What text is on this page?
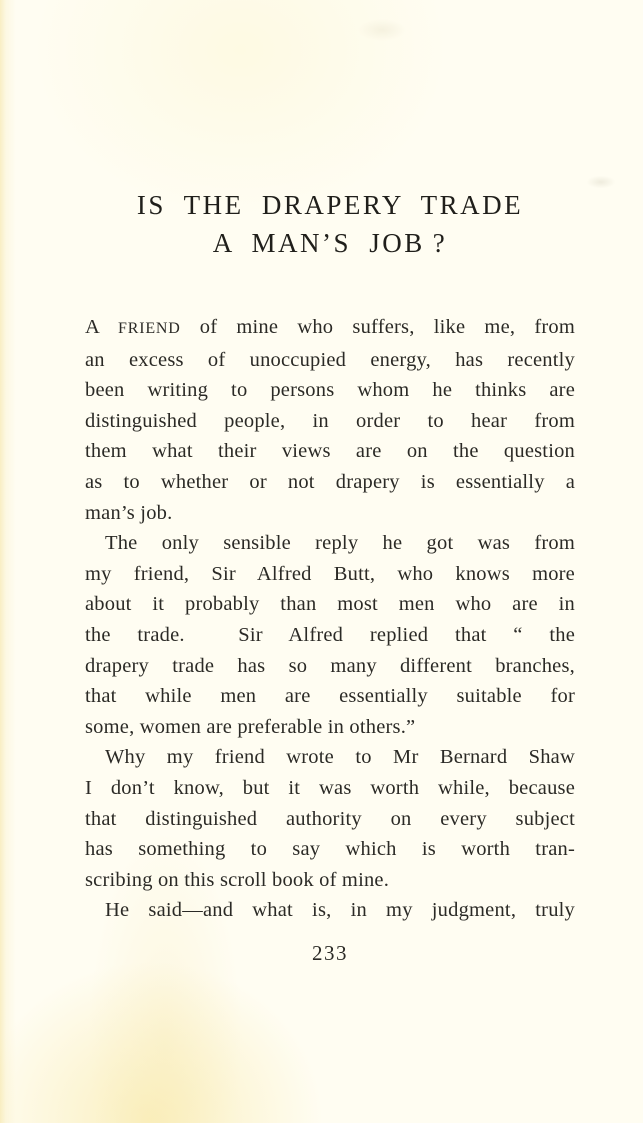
IS THE DRAPERY TRADE
A MAN’S JOB ?
A FRIEND of mine who suffers, like me, from
an excess of unoccupied energy, has recently
been writing to persons whom he thinks are
distinguished people, in order to hear from
them what their views are on the question
as to whether or not drapery is essentially a
man’s job.
The only sensible reply he got was from
my friend, Sir Alfred Butt, who knows more
about it probably than most men who are in
the trade.  Sir Alfred replied that “ the
drapery trade has so many different branches,
that while men are essentially suitable for
some, women are preferable in others.”
Why my friend wrote to Mr Bernard Shaw
I don’t know, but it was worth while, because
that distinguished authority on every subject
has something to say which is worth tran-
scribing on this scroll book of mine.
He said—and what is, in my judgment, truly
233
